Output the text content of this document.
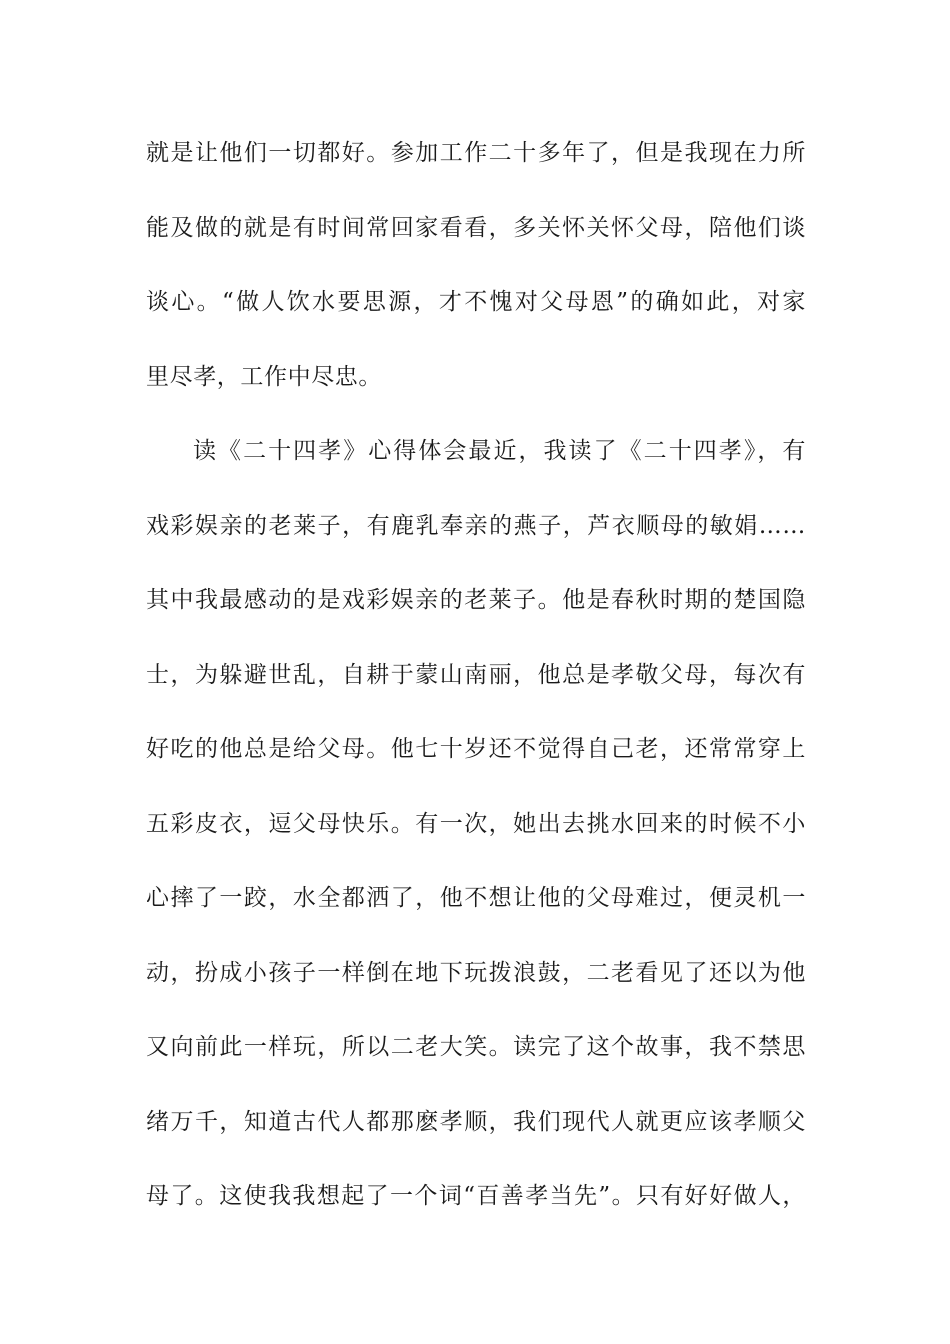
就是让他们一切都好。参加工作二十多年了，但是我现在力所
能及做的就是有时间常回家看看，多关怀关怀父母，陪他们谈
谈心。“做人饮水要思源，才不愧对父母恩”的确如此，对家
里尽孝，工作中尽忠。
读《二十四孝》心得体会最近，我读了《二十四孝》，有
戏彩娱亲的老莱子，有鹿乳奉亲的燕子，芦衣顺母的敏娟……
其中我最感动的是戏彩娱亲的老莱子。他是春秋时期的楚国隐
士，为躲避世乱，自耕于蒙山南丽，他总是孝敬父母，每次有
好吃的他总是给父母。他七十岁还不觉得自己老，还常常穿上
五彩皮衣，逗父母快乐。有一次，她出去挑水回来的时候不小
心摔了一跤，水全都洒了，他不想让他的父母难过，便灵机一
动，扮成小孩子一样倒在地下玩拨浪鼓，二老看见了还以为他
又向前此一样玩，所以二老大笑。读完了这个故事，我不禁思
绪万千，知道古代人都那麽孝顺，我们现代人就更应该孝顺父
母了。这使我我想起了一个词“百善孝当先”。只有好好做人，
